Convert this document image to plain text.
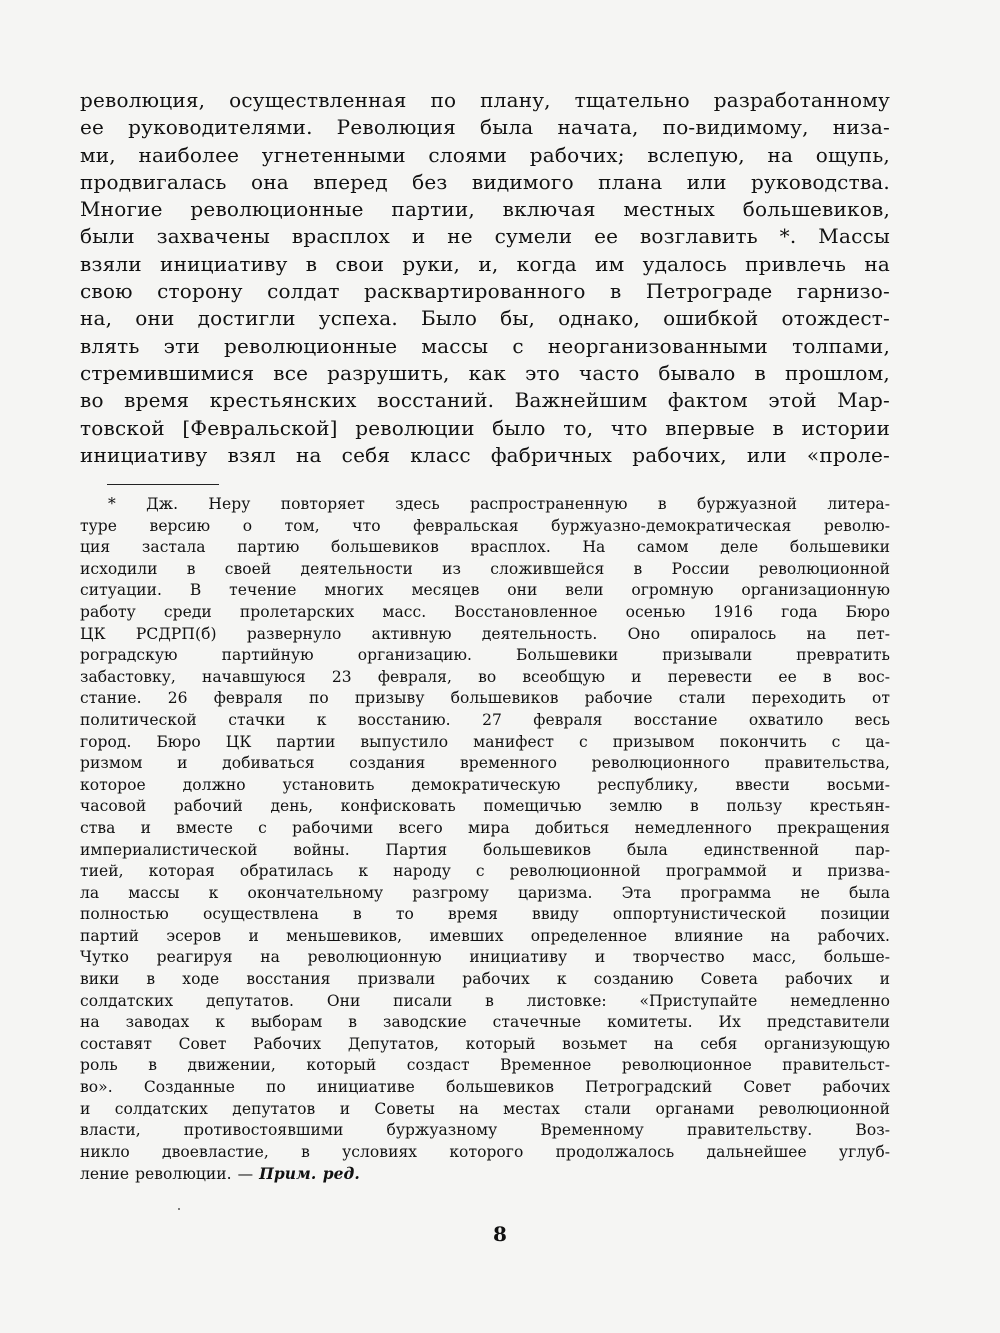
революция, осуществленная по плану, тщательно разработанному
ее руководителями. Революция была начата, по-видимому, низа-
ми, наиболее угнетенными слоями рабочих; вслепую, на ощупь,
продвигалась она вперед без видимого плана или руководства.
Многие революционные партии, включая местных большевиков,
были захвачены врасплох и не сумели ее возглавить *. Массы
взяли инициативу в свои руки, и, когда им удалось привлечь на
свою сторону солдат расквартированного в Петрограде гарнизо-
на, они достигли успеха. Было бы, однако, ошибкой отождест-
влять эти революционные массы с неорганизованными толпами,
стремившимися все разрушить, как это часто бывало в прошлом,
во время крестьянских восстаний. Важнейшим фактом этой Мар-
товской [Февральской] революции было то, что впервые в истории
инициативу взял на себя класс фабричных рабочих, или «проле-
* Дж. Неру повторяет здесь распространенную в буржуазной литера-
туре версию о том, что февральская буржуазно-демократическая револю-
ция застала партию большевиков врасплох. На самом деле большевики
исходили в своей деятельности из сложившейся в России революционной
ситуации. В течение многих месяцев они вели огромную организационную
работу среди пролетарских масс. Восстановленное осенью 1916 года Бюро
ЦК РСДРП(б) развернуло активную деятельность. Оно опиралось на пет-
роградскую партийную организацию. Большевики призывали превратить
забастовку, начавшуюся 23 февраля, во всеобщую и перевести ее в вос-
стание. 26 февраля по призыву большевиков рабочие стали переходить от
политической стачки к восстанию. 27 февраля восстание охватило весь
город. Бюро ЦК партии выпустило манифест с призывом покончить с ца-
ризмом и добиваться создания временного революционного правительства,
которое должно установить демократическую республику, ввести восьми-
часовой рабочий день, конфисковать помещичью землю в пользу крестьян-
ства и вместе с рабочими всего мира добиться немедленного прекращения
империалистической войны. Партия большевиков была единственной пар-
тией, которая обратилась к народу с революционной программой и призва-
ла массы к окончательному разгрому царизма. Эта программа не была
полностью осуществлена в то время ввиду оппортунистической позиции
партий эсеров и меньшевиков, имевших определенное влияние на рабочих.
Чутко реагируя на революционную инициативу и творчество масс, больше-
вики в ходе восстания призвали рабочих к созданию Совета рабочих и
солдатских депутатов. Они писали в листовке: «Приступайте немедленно
на заводах к выборам в заводские стачечные комитеты. Их представители
составят Совет Рабочих Депутатов, который возьмет на себя организующую
роль в движении, который создаст Временное революционное правительст-
во». Созданные по инициативе большевиков Петроградский Совет рабочих
и солдатских депутатов и Советы на местах стали органами революционной
власти, противостоявшими буржуазному Временному правительству. Воз-
никло двоевластие, в условиях которого продолжалось дальнейшее углуб-
ление революции. — Прим. ред.
8
